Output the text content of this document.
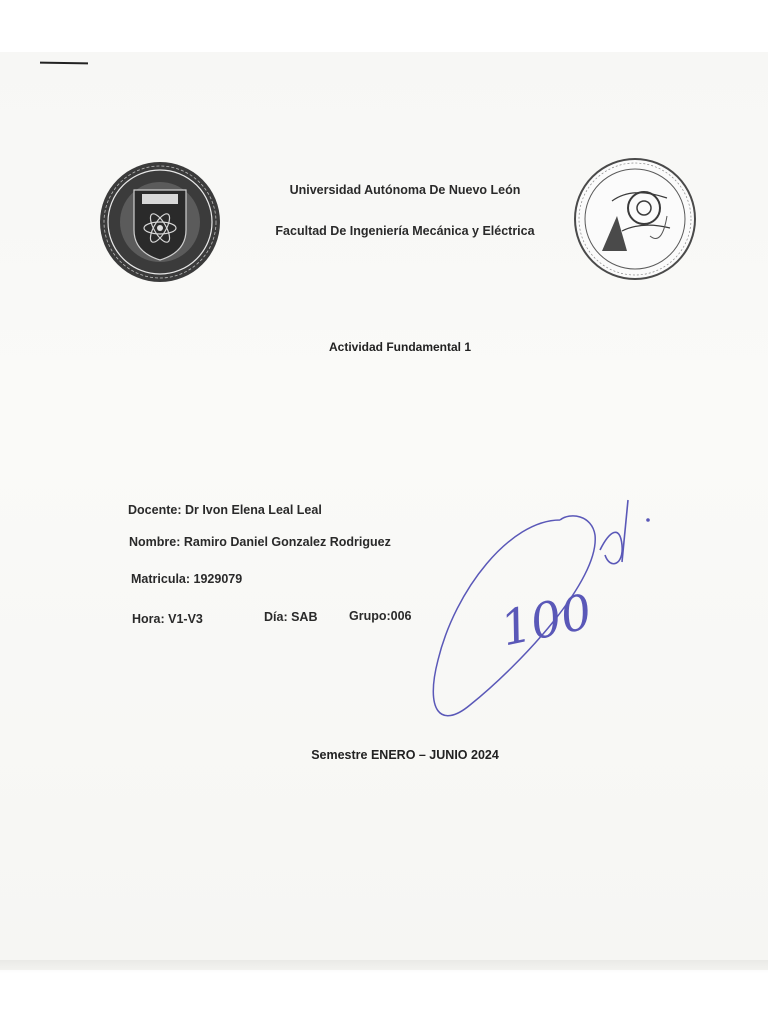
Universidad Autónoma De Nuevo León
Facultad De Ingeniería Mecánica y Eléctrica
Actividad Fundamental 1
Docente: Dr Ivon Elena Leal Leal
Nombre: Ramiro Daniel Gonzalez Rodriguez
Matricula: 1929079
Hora: V1-V3	Día: SAB	Grupo:006 100
Semestre ENERO – JUNIO 2024
